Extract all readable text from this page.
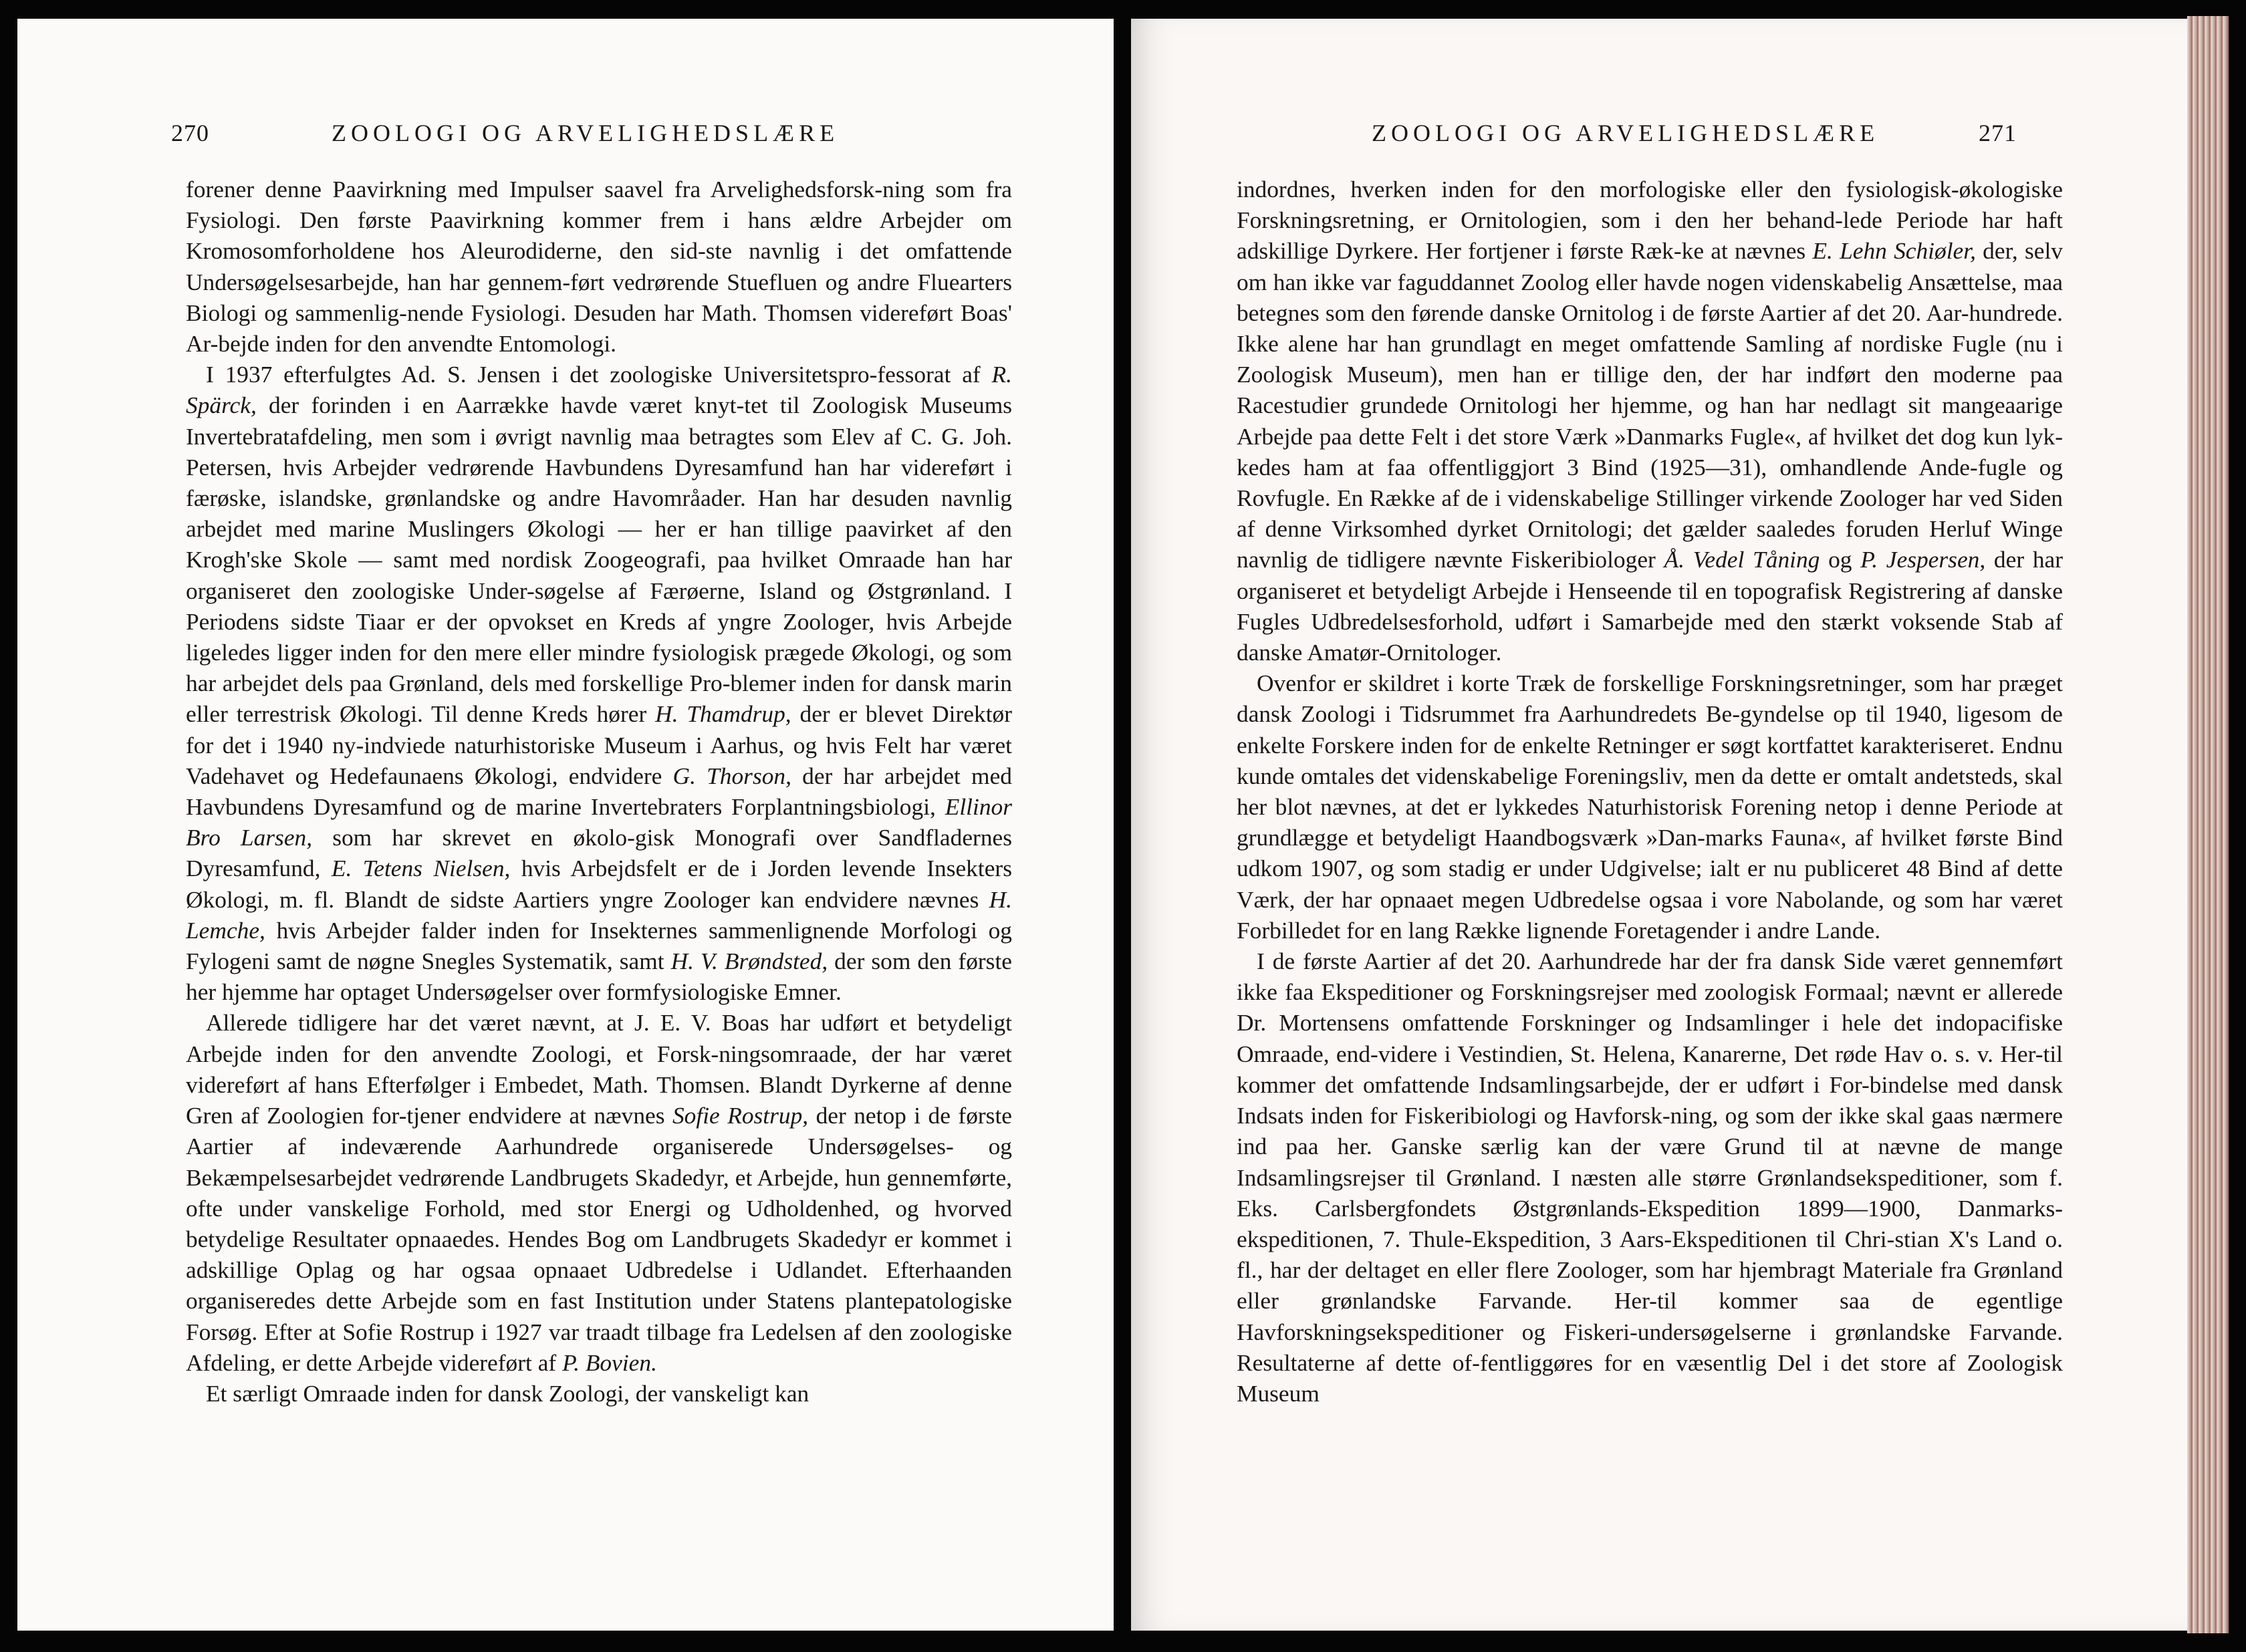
270	ZOOLOGI OG ARVELIGHEDSLÆRE

forener denne Paavirkning med Impulser saavel fra Arvelighedsforsk-ning som fra Fysiologi. Den første Paavirkning kommer frem i hans ældre Arbejder om Kromosomforholdene hos Aleurodiderne, den sid-ste navnlig i det omfattende Undersøgelsesarbejde, han har gennem-ført vedrørende Stuefluen og andre Fluearters Biologi og sammenlig-nende Fysiologi. Desuden har Math. Thomsen videreført Boas' Ar-bejde inden for den anvendte Entomologi.

I 1937 efterfulgtes Ad. S. Jensen i det zoologiske Universitetspro-fessorat af R. Spärck, der forinden i en Aarrække havde været knyt-tet til Zoologisk Museums Invertebratafdeling, men som i øvrigt navnlig maa betragtes som Elev af C. G. Joh. Petersen, hvis Arbejder vedrørende Havbundens Dyresamfund han har videreført i færøske, islandske, grønlandske og andre Havområader. Han har desuden navnlig arbejdet med marine Muslingers Økologi — her er han tillige paavirket af den Krogh'ske Skole — samt med nordisk Zoogeografi, paa hvilket Omraade han har organiseret den zoologiske Under-søgelse af Færøerne, Island og Østgrønland. I Periodens sidste Tiaar er der opvokset en Kreds af yngre Zoologer, hvis Arbejde ligeledes ligger inden for den mere eller mindre fysiologisk prægede Økologi, og som har arbejdet dels paa Grønland, dels med forskellige Pro-blemer inden for dansk marin eller terrestrisk Økologi. Til denne Kreds hører H. Thamdrup, der er blevet Direktør for det i 1940 ny-indviede naturhistoriske Museum i Aarhus, og hvis Felt har været Vadehavet og Hedefaunaens Økologi, endvidere G. Thorson, der har arbejdet med Havbundens Dyresamfund og de marine Invertebraters Forplantningsbiologi, Ellinor Bro Larsen, som har skrevet en økolo-gisk Monografi over Sandfladernes Dyresamfund, E. Tetens Nielsen, hvis Arbejdsfelt er de i Jorden levende Insekters Økologi, m. fl. Blandt de sidste Aartiers yngre Zoologer kan endvidere nævnes H. Lemche, hvis Arbejder falder inden for Insekternes sammenlignende Morfologi og Fylogeni samt de nøgne Snegles Systematik, samt H. V. Brøndsted, der som den første her hjemme har optaget Undersøgelser over formfysiologiske Emner.

Allerede tidligere har det været nævnt, at J. E. V. Boas har udført et betydeligt Arbejde inden for den anvendte Zoologi, et Forsk-ningsomraade, der har været videreført af hans Efterfølger i Embedet, Math. Thomsen. Blandt Dyrkerne af denne Gren af Zoologien for-tjener endvidere at nævnes Sofie Rostrup, der netop i de første Aartier af indeværende Aarhundrede organiserede Undersøgelses- og Bekæmpelsesarbejdet vedrørende Landbrugets Skadedyr, et Arbejde, hun gennemførte, ofte under vanskelige Forhold, med stor Energi og Udholdenhed, og hvorved betydelige Resultater opnaaedes. Hendes Bog om Landbrugets Skadedyr er kommet i adskillige Oplag og har ogsaa opnaaet Udbredelse i Udlandet. Efterhaanden organiseredes dette Arbejde som en fast Institution under Statens plantepatologiske Forsøg. Efter at Sofie Rostrup i 1927 var traadt tilbage fra Ledelsen af den zoologiske Afdeling, er dette Arbejde videreført af P. Bovien.

Et særligt Omraade inden for dansk Zoologi, der vanskeligt kan

ZOOLOGI OG ARVELIGHEDSLÆRE	271

indordnes, hverken inden for den morfologiske eller den fysiologisk-økologiske Forskningsretning, er Ornitologien, som i den her behand-lede Periode har haft adskillige Dyrkere. Her fortjener i første Ræk-ke at nævnes E. Lehn Schiøler, der, selv om han ikke var faguddannet Zoolog eller havde nogen videnskabelig Ansættelse, maa betegnes som den førende danske Ornitolog i de første Aartier af det 20. Aar-hundrede. Ikke alene har han grundlagt en meget omfattende Samling af nordiske Fugle (nu i Zoologisk Museum), men han er tillige den, der har indført den moderne paa Racestudier grundede Ornitologi her hjemme, og han har nedlagt sit mangeaarige Arbejde paa dette Felt i det store Værk »Danmarks Fugle«, af hvilket det dog kun lyk-kedes ham at faa offentliggjort 3 Bind (1925—31), omhandlende Ande-fugle og Rovfugle. En Række af de i videnskabelige Stillinger virkende Zoologer har ved Siden af denne Virksomhed dyrket Ornitologi; det gælder saaledes foruden Herluf Winge navnlig de tidligere nævnte Fiskeribiologer Å. Vedel Tåning og P. Jespersen, der har organiseret et betydeligt Arbejde i Henseende til en topografisk Registrering af danske Fugles Udbredelsesforhold, udført i Samarbejde med den stærkt voksende Stab af danske Amatør-Ornitologer.

Ovenfor er skildret i korte Træk de forskellige Forskningsretninger, som har præget dansk Zoologi i Tidsrummet fra Aarhundredets Be-gyndelse op til 1940, ligesom de enkelte Forskere inden for de enkelte Retninger er søgt kortfattet karakteriseret. Endnu kunde omtales det videnskabelige Foreningsliv, men da dette er omtalt andetsteds, skal her blot nævnes, at det er lykkedes Naturhistorisk Forening netop i denne Periode at grundlægge et betydeligt Haandbogsværk »Dan-marks Fauna«, af hvilket første Bind udkom 1907, og som stadig er under Udgivelse; ialt er nu publiceret 48 Bind af dette Værk, der har opnaaet megen Udbredelse ogsaa i vore Nabolande, og som har været Forbilledet for en lang Række lignende Foretagender i andre Lande.

I de første Aartier af det 20. Aarhundrede har der fra dansk Side været gennemført ikke faa Ekspeditioner og Forskningsrejser med zoologisk Formaal; nævnt er allerede Dr. Mortensens omfattende Forskninger og Indsamlinger i hele det indopacifiske Omraade, end-videre i Vestindien, St. Helena, Kanarerne, Det røde Hav o. s. v. Her-til kommer det omfattende Indsamlingsarbejde, der er udført i For-bindelse med dansk Indsats inden for Fiskeribiologi og Havforsk-ning, og som der ikke skal gaas nærmere ind paa her. Ganske særlig kan der være Grund til at nævne de mange Indsamlingsrejser til Grønland. I næsten alle større Grønlandsekspeditioner, som f. Eks. Carlsbergfondets Østgrønlands-Ekspedition 1899—1900, Danmarks-ekspeditionen, 7. Thule-Ekspedition, 3 Aars-Ekspeditionen til Chri-stian X's Land o. fl., har der deltaget en eller flere Zoologer, som har hjembragt Materiale fra Grønland eller grønlandske Farvande. Her-til kommer saa de egentlige Havforskningsekspeditioner og Fiskeri-undersøgelserne i grønlandske Farvande. Resultaterne af dette of-fentliggøres for en væsentlig Del i det store af Zoologisk Museum
